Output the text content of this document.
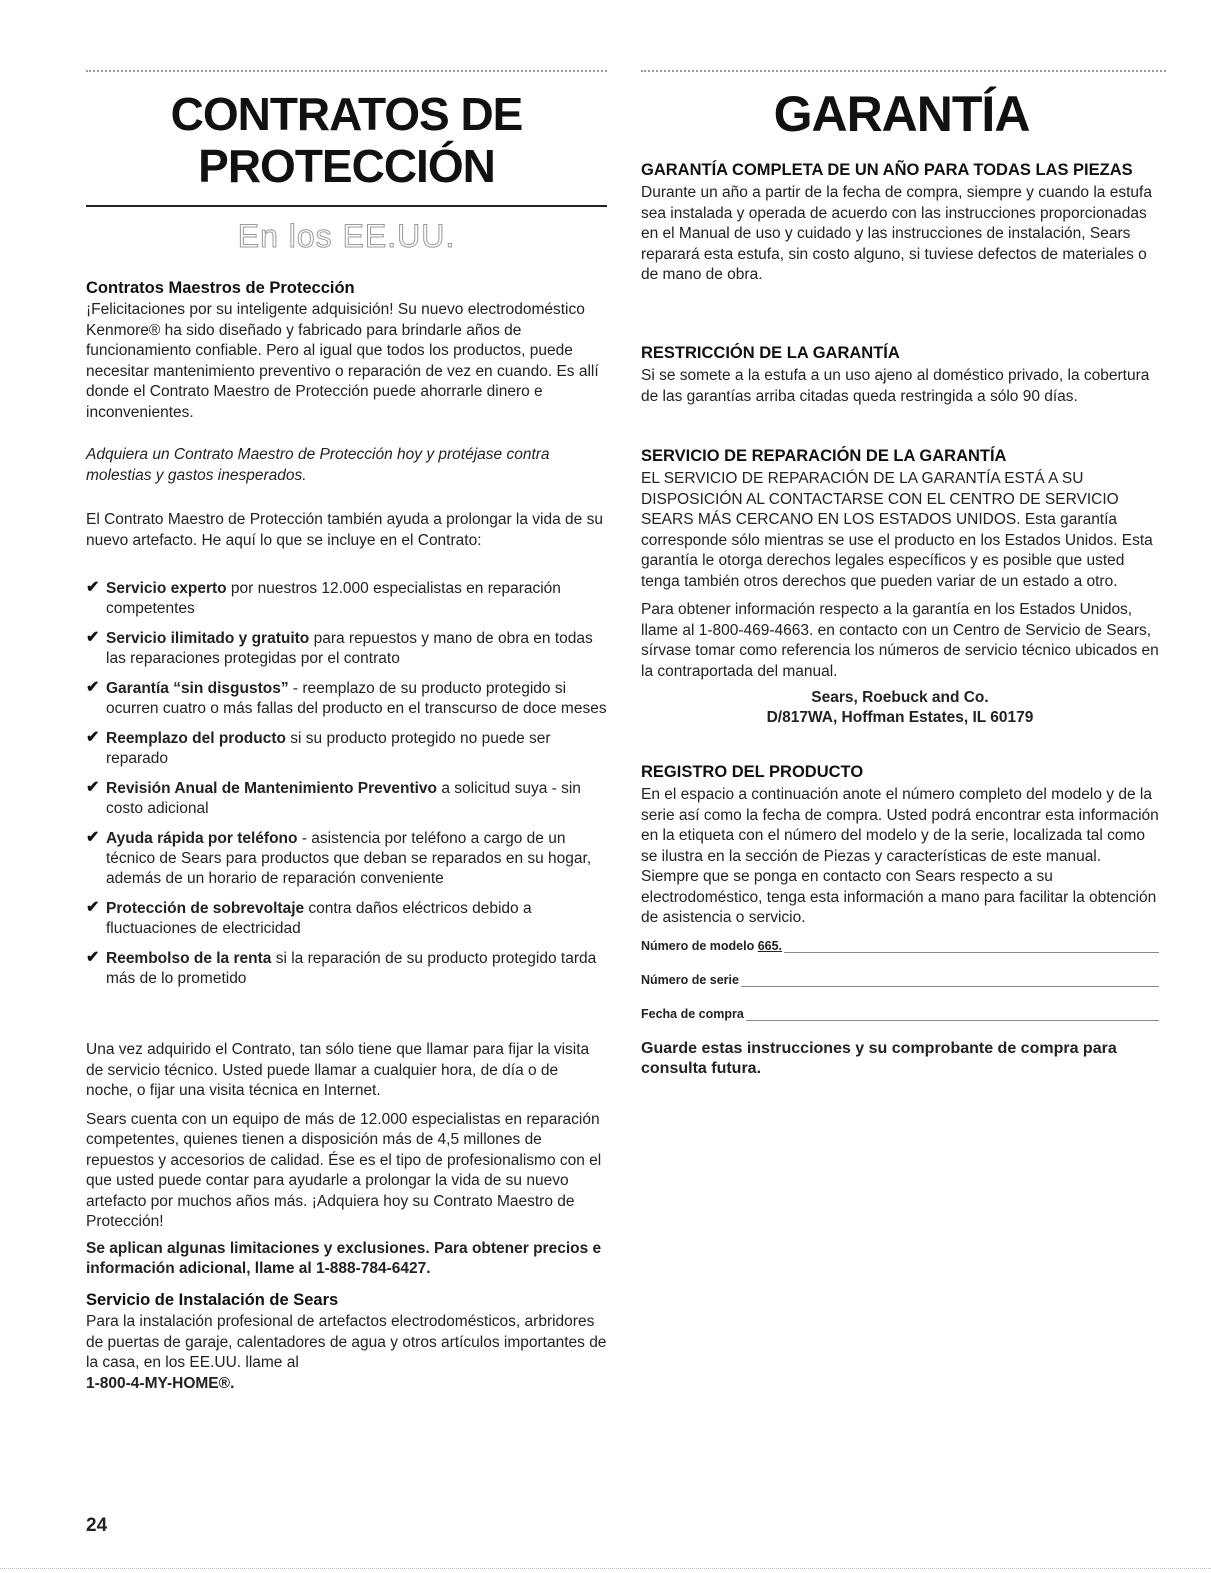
CONTRATOS DE
PROTECCIÓN
En los EE.UU.
Contratos Maestros de Protección

¡Felicitaciones por su inteligente adquisición! Su nuevo electrodoméstico Kenmore® ha sido diseñado y fabricado para brindarle años de funcionamiento confiable. Pero al igual que todos los productos, puede necesitar mantenimiento preventivo o reparación de vez en cuando. Es allí donde el Contrato Maestro de Protección puede ahorrarle dinero e inconvenientes.

Adquiera un Contrato Maestro de Protección hoy y protéjase contra molestias y gastos inesperados.

El Contrato Maestro de Protección también ayuda a prolongar la vida de su nuevo artefacto. He aquí lo que se incluye en el Contrato:

✔ Servicio experto por nuestros 12.000 especialistas en reparación competentes
✔ Servicio ilimitado y gratuito para repuestos y mano de obra en todas las reparaciones protegidas por el contrato
✔ Garantía “sin disgustos” - reemplazo de su producto protegido si ocurren cuatro o más fallas del producto en el transcurso de doce meses
✔ Reemplazo del producto si su producto protegido no puede ser reparado
✔ Revisión Anual de Mantenimiento Preventivo a solicitud suya - sin costo adicional
✔ Ayuda rápida por teléfono - asistencia por teléfono a cargo de un técnico de Sears para productos que deban se reparados en su hogar, además de un horario de reparación conveniente
✔ Protección de sobrevoltaje contra daños eléctricos debido a fluctuaciones de electricidad
✔ Reembolso de la renta si la reparación de su producto protegido tarda más de lo prometido

Una vez adquirido el Contrato, tan sólo tiene que llamar para fijar la visita de servicio técnico. Usted puede llamar a cualquier hora, de día o de noche, o fijar una visita técnica en Internet.

Sears cuenta con un equipo de más de 12.000 especialistas en reparación competentes, quienes tienen a disposición más de 4,5 millones de repuestos y accesorios de calidad. Ése es el tipo de profesionalismo con el que usted puede contar para ayudarle a prolongar la vida de su nuevo artefacto por muchos años más. ¡Adquiera hoy su Contrato Maestro de Protección!

Se aplican algunas limitaciones y exclusiones. Para obtener precios e información adicional, llame al 1-888-784-6427.

Servicio de Instalación de Sears

Para la instalación profesional de artefactos electrodomésticos, arbridores de puertas de garaje, calentadores de agua y otros artículos importantes de la casa, en los EE.UU. llame al

1-800-4-MY-HOME®.

GARANTÍA
GARANTÍA COMPLETA DE UN AÑO PARA TODAS LAS PIEZAS

Durante un año a partir de la fecha de compra, siempre y cuando la estufa sea instalada y operada de acuerdo con las instrucciones proporcionadas en el Manual de uso y cuidado y las instrucciones de instalación, Sears reparará esta estufa, sin costo alguno, si tuviese defectos de materiales o de mano de obra.

RESTRICCIÓN DE LA GARANTÍA

Si se somete a la estufa a un uso ajeno al doméstico privado, la cobertura de las garantías arriba citadas queda restringida a sólo 90 días.

SERVICIO DE REPARACIÓN DE LA GARANTÍA

EL SERVICIO DE REPARACIÓN DE LA GARANTÍA ESTÁ A SU DISPOSICIÓN AL CONTACTARSE CON EL CENTRO DE SERVICIO SEARS MÁS CERCANO EN LOS ESTADOS UNIDOS. Esta garantía corresponde sólo mientras se use el producto en los Estados Unidos. Esta garantía le otorga derechos legales específicos y es posible que usted tenga también otros derechos que pueden variar de un estado a otro.

Para obtener información respecto a la garantía en los Estados Unidos, llame al 1-800-469-4663. en contacto con un Centro de Servicio de Sears, sírvase tomar como referencia los números de servicio técnico ubicados en la contraportada del manual.

Sears, Roebuck and Co.
D/817WA, Hoffman Estates, IL 60179
REGISTRO DEL PRODUCTO

En el espacio a continuación anote el número completo del modelo y de la serie así como la fecha de compra. Usted podrá encontrar esta información en la etiqueta con el número del modelo y de la serie, localizada tal como se ilustra en la sección de Piezas y características de este manual. Siempre que se ponga en contacto con Sears respecto a su electrodoméstico, tenga esta información a mano para facilitar la obtención de asistencia o servicio.

Número de modelo
665.
Número de serie
Fecha de compra

Guarde estas instrucciones y su comprobante de compra para consulta futura.

24
